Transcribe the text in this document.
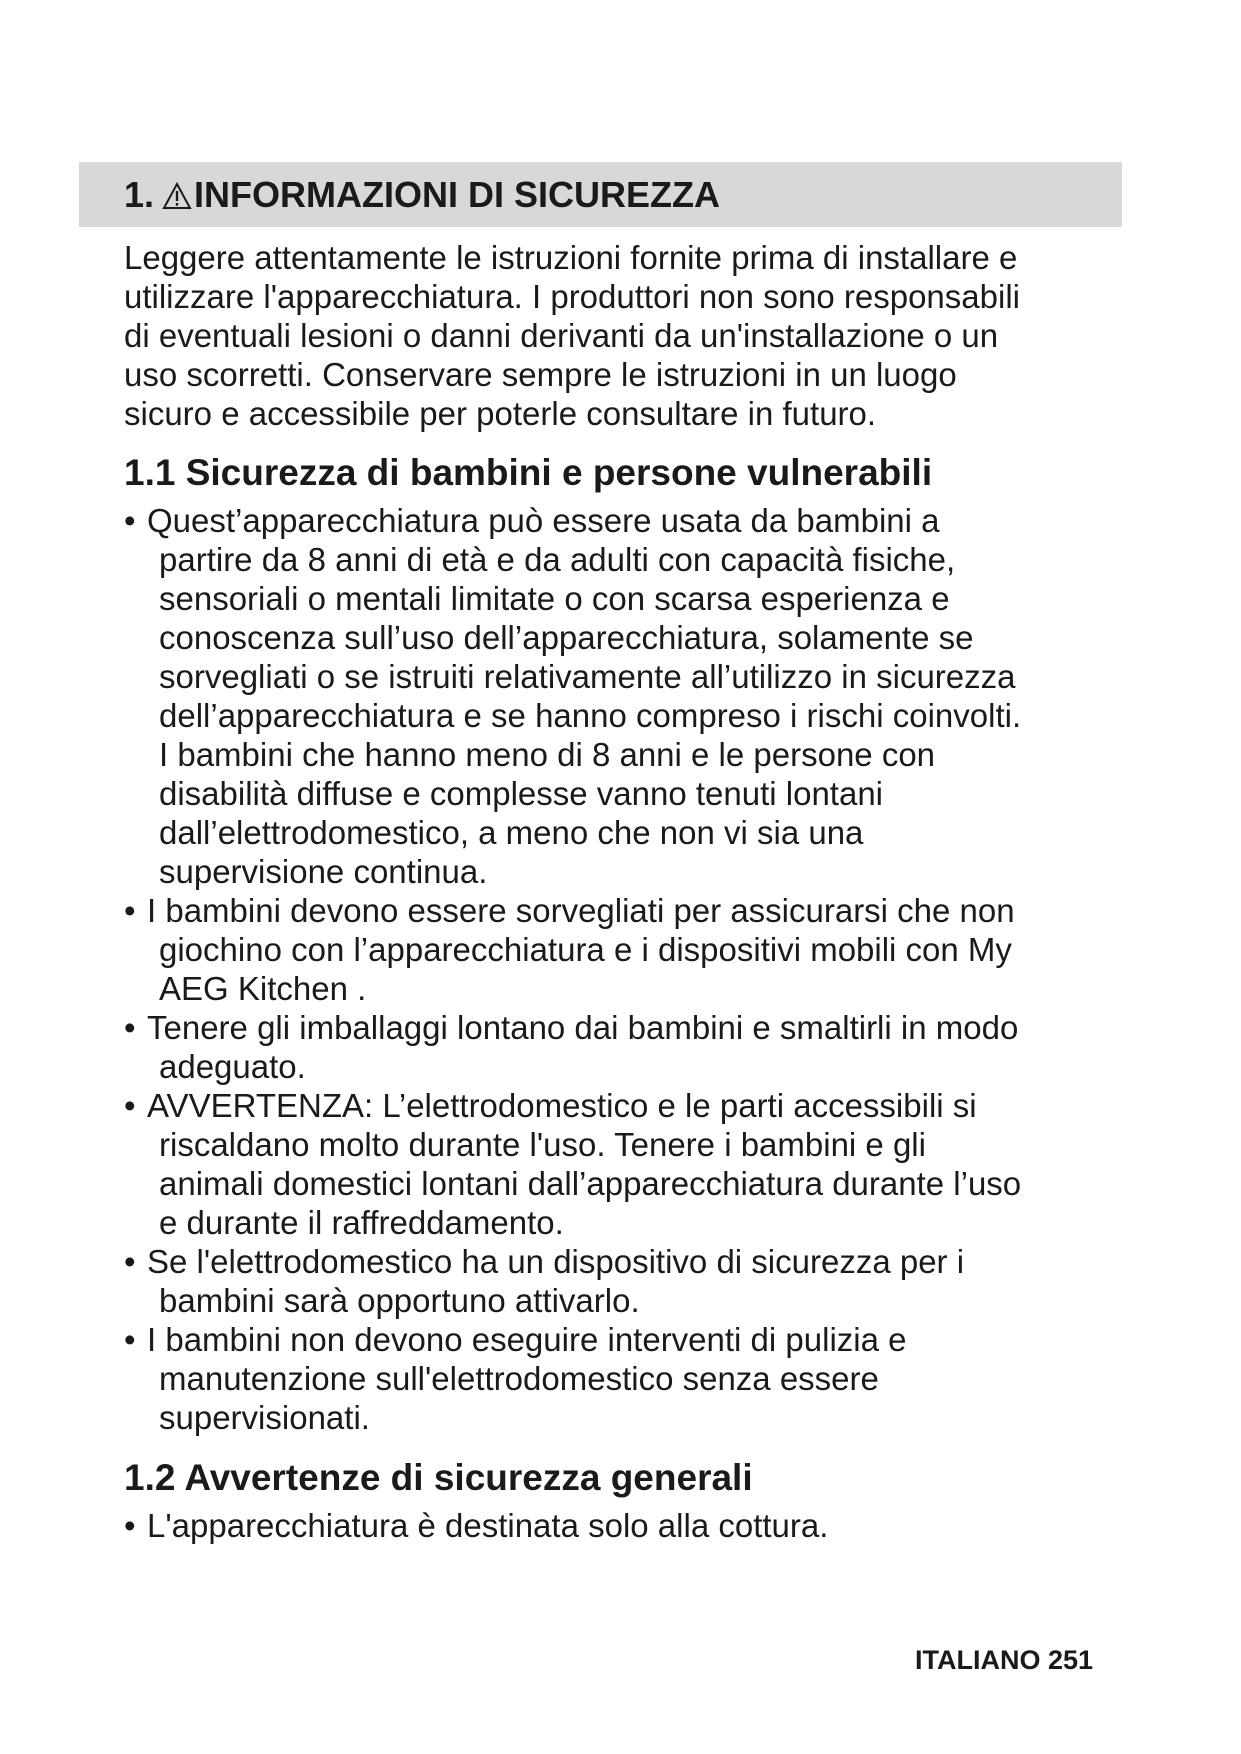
1. INFORMAZIONI DI SICUREZZA

Leggere attentamente le istruzioni fornite prima di installare e

utilizzare l'apparecchiatura. I produttori non sono responsabili

di eventuali lesioni o danni derivanti da un'installazione o un

uso scorretti. Conservare sempre le istruzioni in un luogo

sicuro e accessibile per poterle consultare in futuro.

1.1 Sicurezza di bambini e persone vulnerabili
• Quest’apparecchiatura può essere usata da bambini a
partire da 8 anni di età e da adulti con capacità fisiche,
sensoriali o mentali limitate o con scarsa esperienza e
conoscenza sull’uso dell’apparecchiatura, solamente se
sorvegliati o se istruiti relativamente all’utilizzo in sicurezza
dell’apparecchiatura e se hanno compreso i rischi coinvolti.
I bambini che hanno meno di 8 anni e le persone con
disabilità diffuse e complesse vanno tenuti lontani
dall’elettrodomestico, a meno che non vi sia una
supervisione continua.
• I bambini devono essere sorvegliati per assicurarsi che non
giochino con l’apparecchiatura e i dispositivi mobili con My
AEG Kitchen .
• Tenere gli imballaggi lontano dai bambini e smaltirli in modo
adeguato.
• AVVERTENZA: L’elettrodomestico e le parti accessibili si
riscaldano molto durante l'uso. Tenere i bambini e gli
animali domestici lontani dall’apparecchiatura durante l’uso
e durante il raffreddamento.
• Se l'elettrodomestico ha un dispositivo di sicurezza per i
bambini sarà opportuno attivarlo.
• I bambini non devono eseguire interventi di pulizia e
manutenzione sull'elettrodomestico senza essere
supervisionati.
1.2 Avvertenze di sicurezza generali
• L'apparecchiatura è destinata solo alla cottura.
ITALIANO 251
